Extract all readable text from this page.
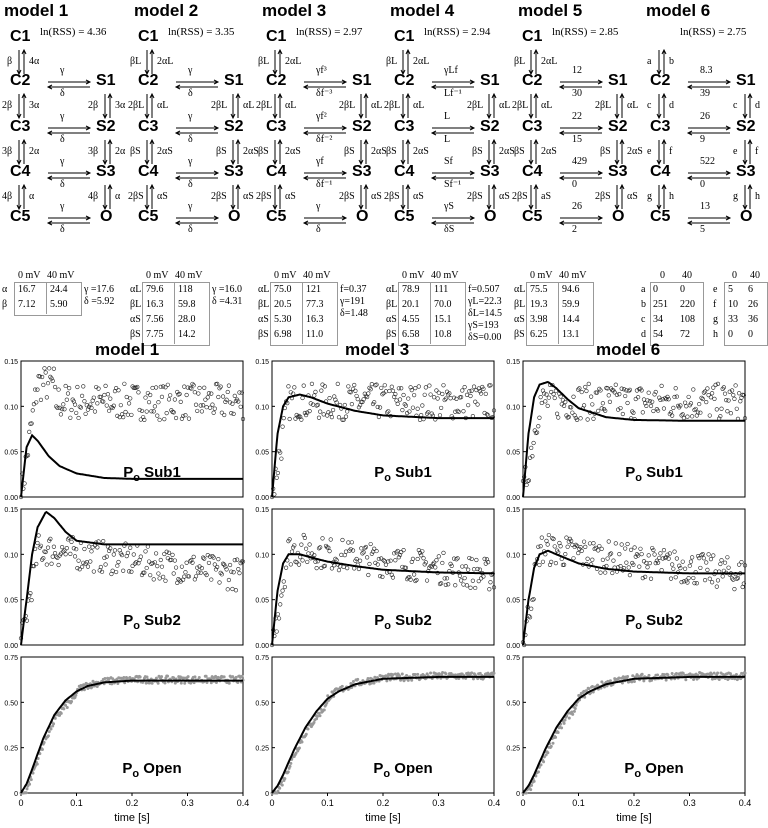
model 1
ln(RSS) = 4.36
C1
C2
C3
C4
C5
S1
S2
S3
O
β 4α
2β 3α
3β 2α
4β α
2β 3α
3β 2α
4β α
γ
δ
γ
δ
γ
δ
γ
δ
0 mV 40 mV
α 16.7 24.4
β 7.12 5.90
γ =17.6
δ =5.92
model 2
ln(RSS) = 3.35
C1
C2
C3
C4
C5
S1
S2
S3
O
βL 2αL
2βL αL
βS 2αS
2βS αS
2βL αL
βS 2αS
2βS αS
γ
δ
γ
δ
γ
δ
γ
δ
0 mV 40 mV
αL 79.6 118
βL 16.3 59.8
αS 7.56 28.0
βS 7.75 14.2
γ =16.0
δ =4.31
model 3
ln(RSS) = 2.97
C1
C2
C3
C4
C5
S1
S2
S3
O
βL 2αL
2βL αL
βS 2αS
2βS αS
2βL αL
βS 2αS
2βS αS
γf³
δf⁻³
γf²
δf⁻²
γf
δf⁻¹
γ
δ
0 mV 40 mV
αL 75.0 121
βL 20.5 77.3
αS 5.30 16.3
βS 6.98 11.0
f=0.37
γ=191
δ=1.48
model 4
ln(RSS) = 2.94
C1
C2
C3
C4
C5
S1
S2
S3
O
βL 2αL
2βL αL
βS 2αS
2βS αS
2βL αL
βS 2αS
2βS αS
γLf
Lf⁻¹
L
L
Sf
Sf⁻¹
γS
δS
0 mV 40 mV
αL 78.9 111
βL 20.1 70.0
αS 4.55 15.1
βS 6.58 10.8
f=0.507
γL=22.3
δL=14.5
γS=193
δS=0.00
model 5
ln(RSS) = 2.85
C1
C2
C3
C4
C5
S1
S2
S3
O
βL 2αL
2βL αL
βS 2αS
2βS aS
2βL αL
βS 2αS
2βS αS
12
30
22
15
429
0
26
2
0 mV 40 mV
αL 75.5 94.6
βL 19.3 59.9
αS 3.98 14.4
βS 6.25 13.1
model 6
ln(RSS) = 2.75
C2
C3
C4
C5
S1
S2
S3
O
a b
c d
e f
g h
c d
e f
g h
8.3
39
26
9
522
0
13
5
0 40	0 40
a 0 0
b 251 220
c 34 108
d 54 72
e 5 6
f 10 26
g 33 36
h 0 0
model 1	model 3	model 6
0.00
0.05
0.10
0.15
$P_o$ Sub1
0.00
0.05
0.10
0.15
$P_o$ Sub1
0.00
0.05
0.10
0.15
$P_o$ Sub1
0.00
0.05
0.10
0.15
$P_o$ Sub2
0.00
0.05
0.10
0.15
$P_o$ Sub2
0.00
0.05
0.10
0.15
$P_o$ Sub2
0
0.25
0.50
0.75
0	0.1	0.2	0.3	0.4
time [s]
$P_o$ Open
0
0.25
0.50
0.75
0	0.1	0.2	0.3	0.4
time [s]
$P_o$ Open
0
0.25
0.50
0.75
0	0.1	0.2	0.3	0.4
time [s]
$P_o$ Open
